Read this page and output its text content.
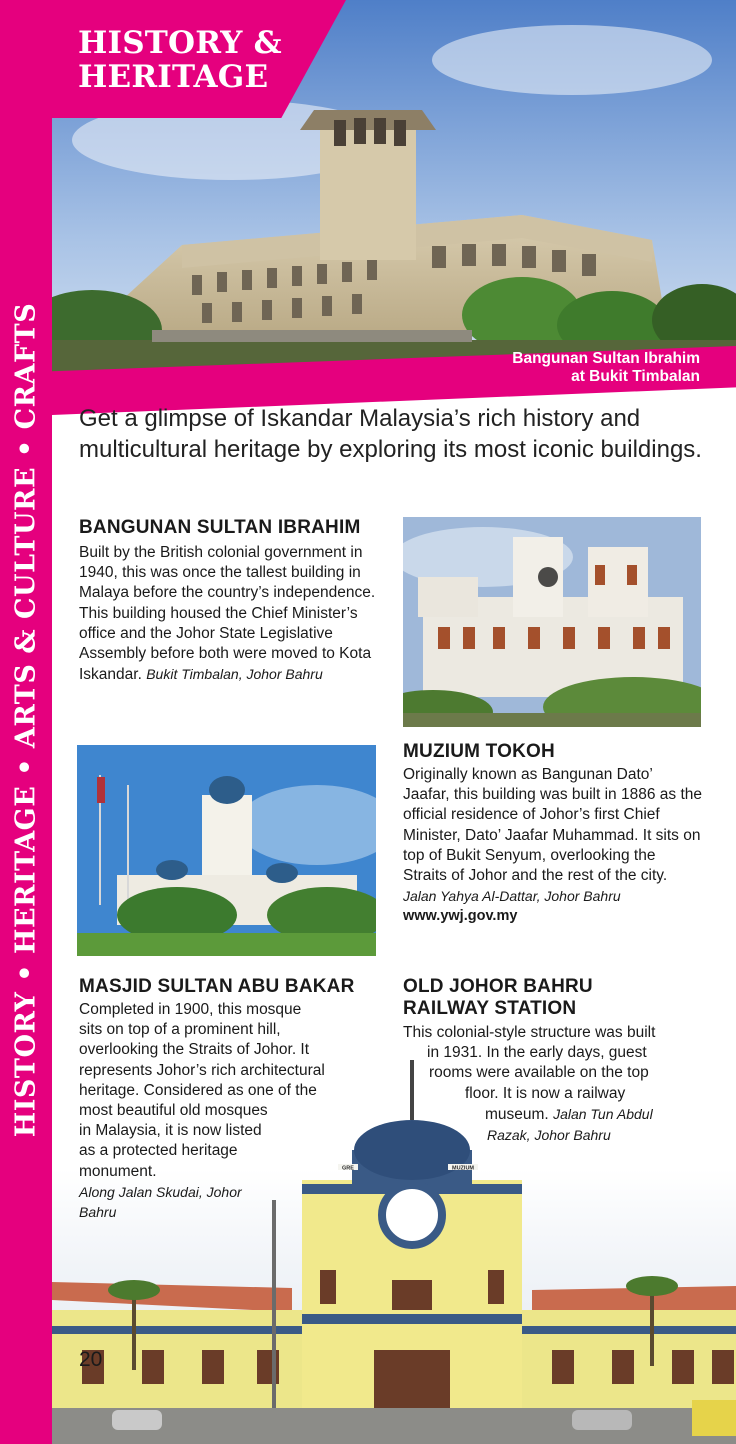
HISTORY • HERITAGE • ARTS & CULTURE • CRAFTS
HISTORY &
HERITAGE
Bangunan Sultan Ibrahim
at Bukit Timbalan

Get a glimpse of Iskandar Malaysia’s rich history and multicultural heritage by exploring its most iconic buildings.

BANGUNAN SULTAN IBRAHIM
Built by the British colonial government in 1940, this was once the tallest building in Malaya before the country’s independence. This building housed the Chief Minister’s office and the Johor State Legislative Assembly before both were moved to Kota Iskandar. Bukit Timbalan, Johor Bahru
MUZIUM TOKOH
Originally known as Bangunan Dato’ Jaafar, this building was built in 1886 as the official residence of Johor’s first Chief Minister, Dato’ Jaafar Muhammad. It sits on top of Bukit Senyum, overlooking the Straits of Johor and the rest of the city.
Jalan Yahya Al-Dattar, Johor Bahru
www.ywj.gov.my
GRE	MUZIUM
MASJID SULTAN ABU BAKAR
Completed in 1900, this mosque
sits on top of a prominent hill,
overlooking the Straits of Johor. It
represents Johor’s rich architectural
heritage. Considered as one of the
most beautiful old mosques
in Malaysia, it is now listed
as a protected heritage
monument.
Along Jalan Skudai, Johor Bahru
OLD JOHOR BAHRU
RAILWAY STATION
This colonial-style structure was built
in 1931. In the early days, guest
rooms were available on the top
floor. It is now a railway
museum. Jalan Tun Abdul
Razak, Johor Bahru
20
